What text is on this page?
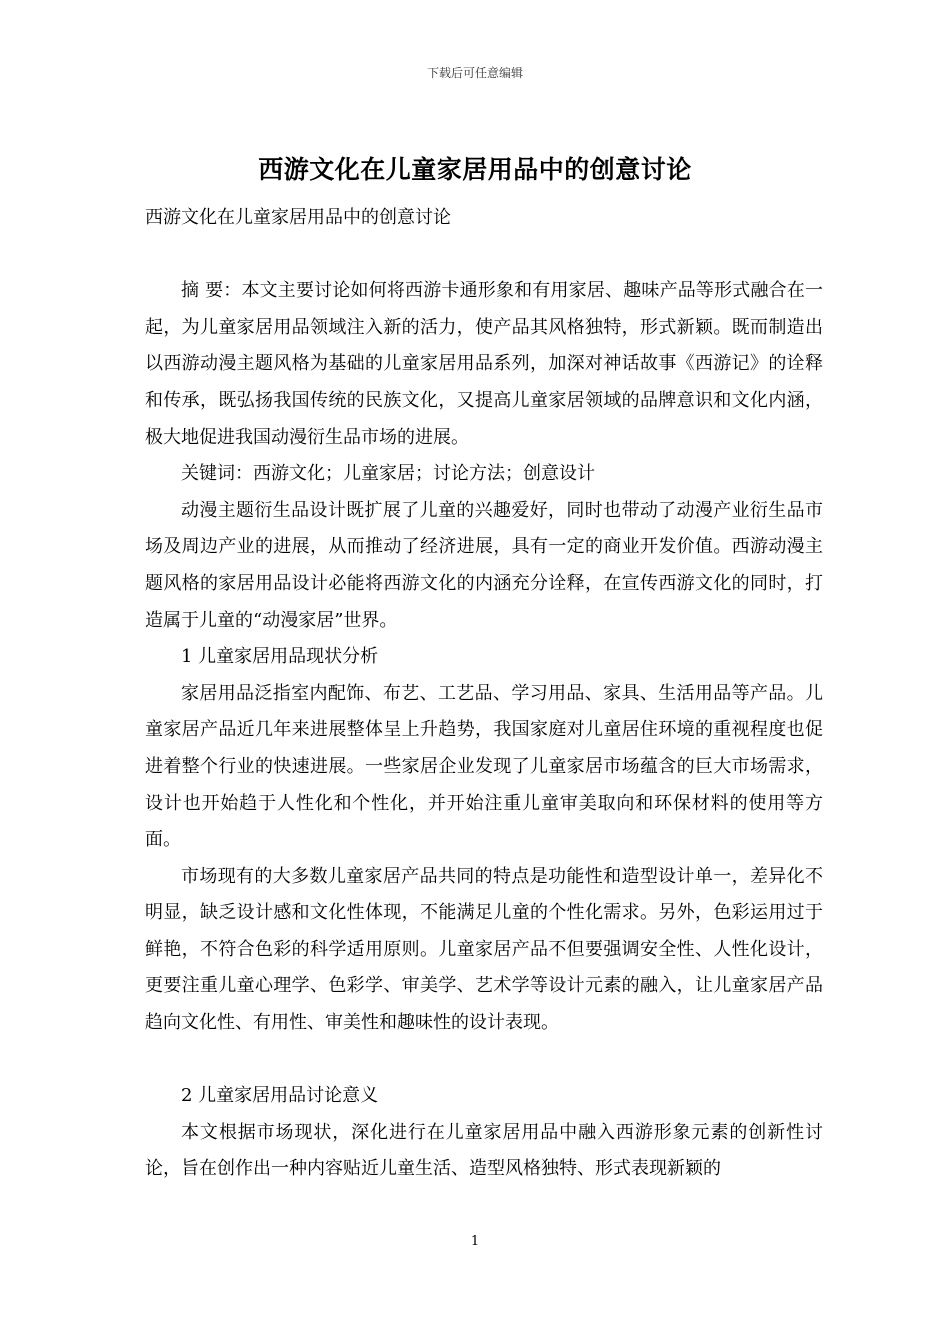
下载后可任意编辑
西游文化在儿童家居用品中的创意讨论

西游文化在儿童家居用品中的创意讨论

摘 要：本文主要讨论如何将西游卡通形象和有用家居、趣味产品等形式融合在一起，为儿童家居用品领域注入新的活力，使产品其风格独特，形式新颖。既而制造出以西游动漫主题风格为基础的儿童家居用品系列，加深对神话故事《西游记》的诠释和传承，既弘扬我国传统的民族文化，又提高儿童家居领域的品牌意识和文化内涵，极大地促进我国动漫衍生品市场的进展。

关键词：西游文化；儿童家居；讨论方法；创意设计

动漫主题衍生品设计既扩展了儿童的兴趣爱好，同时也带动了动漫产业衍生品市场及周边产业的进展，从而推动了经济进展，具有一定的商业开发价值。西游动漫主题风格的家居用品设计必能将西游文化的内涵充分诠释，在宣传西游文化的同时，打造属于儿童的“动漫家居”世界。

1 儿童家居用品现状分析

家居用品泛指室内配饰、布艺、工艺品、学习用品、家具、生活用品等产品。儿童家居产品近几年来进展整体呈上升趋势，我国家庭对儿童居住环境的重视程度也促进着整个行业的快速进展。一些家居企业发现了儿童家居市场蕴含的巨大市场需求，设计也开始趋于人性化和个性化，并开始注重儿童审美取向和环保材料的使用等方面。

市场现有的大多数儿童家居产品共同的特点是功能性和造型设计单一，差异化不明显，缺乏设计感和文化性体现，不能满足儿童的个性化需求。另外，色彩运用过于鲜艳，不符合色彩的科学适用原则。儿童家居产品不但要强调安全性、人性化设计，更要注重儿童心理学、色彩学、审美学、艺术学等设计元素的融入，让儿童家居产品趋向文化性、有用性、审美性和趣味性的设计表现。

2 儿童家居用品讨论意义

本文根据市场现状，深化进行在儿童家居用品中融入西游形象元素的创新性讨论，旨在创作出一种内容贴近儿童生活、造型风格独特、形式表现新颖的

1
